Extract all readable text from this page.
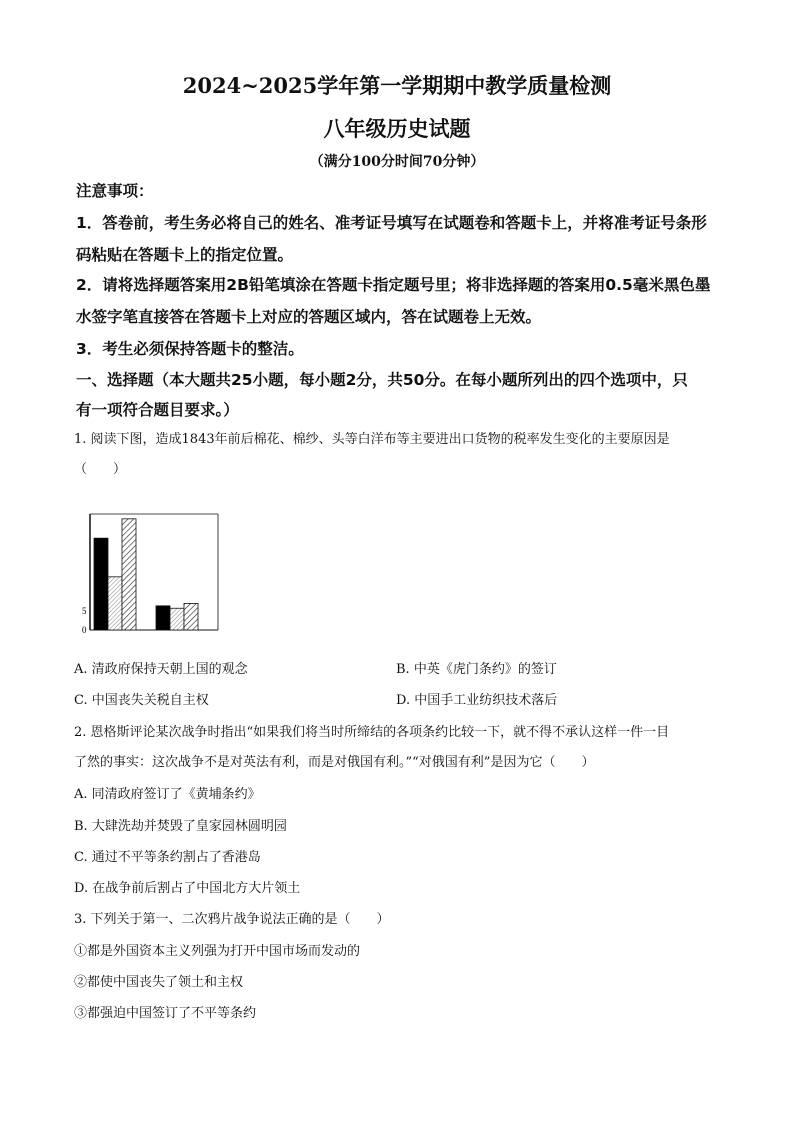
2024~2025学年第一学期期中教学质量检测
八年级历史试题
（满分100分时间70分钟）
注意事项：
1．答卷前，考生务必将自己的姓名、准考证号填写在试题卷和答题卡上，并将准考证号条形
码粘贴在答题卡上的指定位置。
2．请将选择题答案用2B铅笔填涂在答题卡指定题号里；将非选择题的答案用0.5毫米黑色墨
水签字笔直接答在答题卡上对应的答题区域内，答在试题卷上无效。
3．考生必须保持答题卡的整洁。
一、选择题（本大题共25小题，每小题2分，共50分。在每小题所列出的四个选项中，只
有一项符合题目要求。）
1. 阅读下图，造成1843年前后棉花、棉纱、头等白洋布等主要进出口货物的税率发生变化的主要原因是
（　　）
5
0
A. 清政府保持天朝上国的观念	B. 中英《虎门条约》的签订
C. 中国丧失关税自主权	D. 中国手工业纺织技术落后
2. 恩格斯评论某次战争时指出“如果我们将当时所缔结的各项条约比较一下，就不得不承认这样一件一目
了然的事实：这次战争不是对英法有利，而是对俄国有利。”“对俄国有利”是因为它（　　）
A. 同清政府签订了《黄埔条约》
B. 大肆洗劫并焚毁了皇家园林圆明园
C. 通过不平等条约割占了香港岛
D. 在战争前后割占了中国北方大片领土
3. 下列关于第一、二次鸦片战争说法正确的是（　　）
①都是外国资本主义列强为打开中国市场而发动的
②都使中国丧失了领土和主权
③都强迫中国签订了不平等条约
